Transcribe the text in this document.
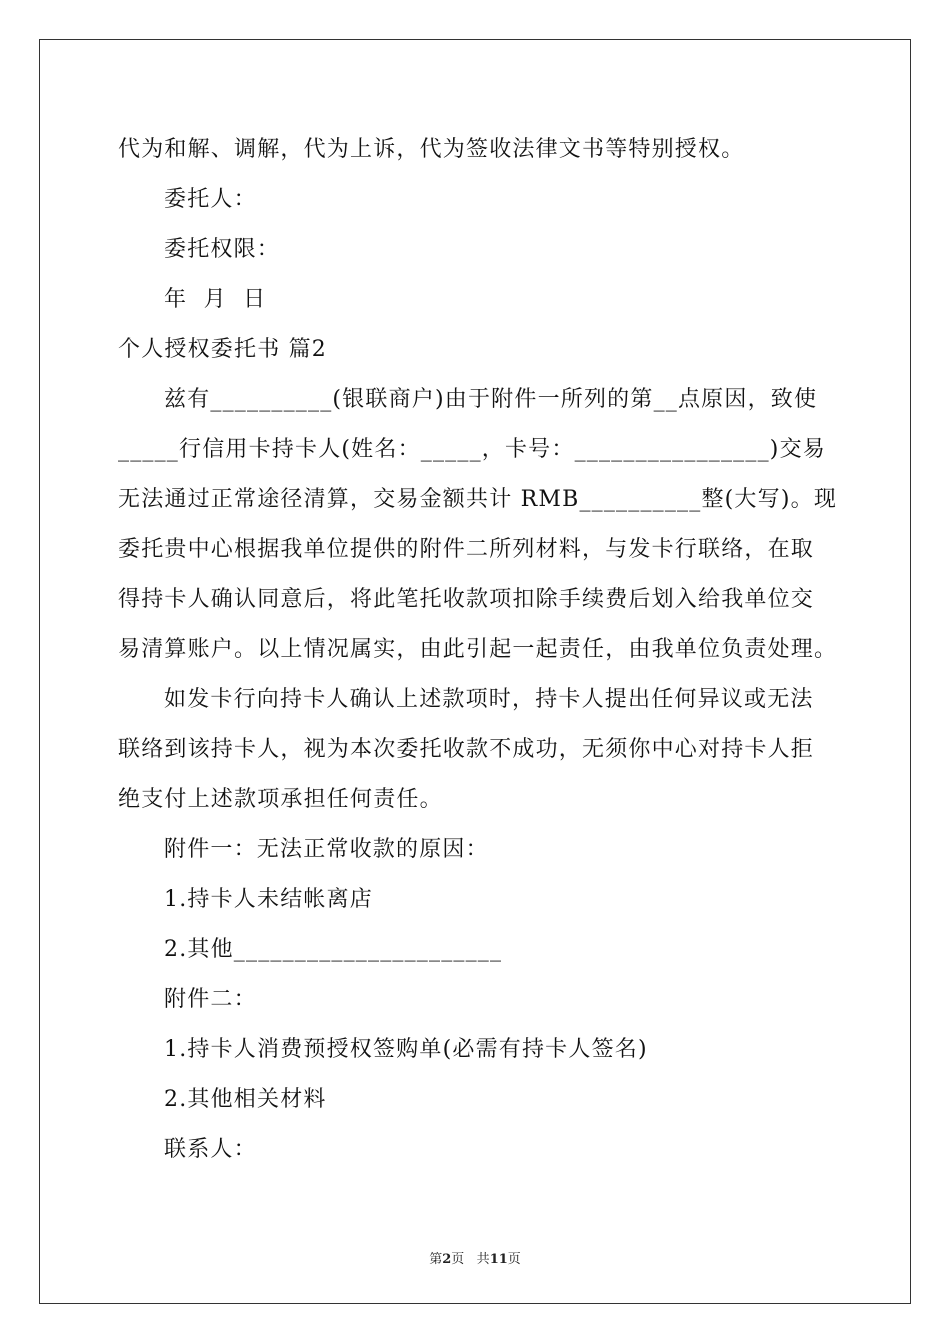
代为和解、调解，代为上诉，代为签收法律文书等特别授权。
委托人：
委托权限：
年  月  日
个人授权委托书 篇2
兹有__________(银联商户)由于附件一所列的第__点原因，致使
_____行信用卡持卡人(姓名：_____，卡号：________________)交易
无法通过正常途径清算，交易金额共计 RMB__________整(大写)。现
委托贵中心根据我单位提供的附件二所列材料，与发卡行联络，在取
得持卡人确认同意后，将此笔托收款项扣除手续费后划入给我单位交
易清算账户。以上情况属实，由此引起一起责任，由我单位负责处理。
如发卡行向持卡人确认上述款项时，持卡人提出任何异议或无法
联络到该持卡人，视为本次委托收款不成功，无须你中心对持卡人拒
绝支付上述款项承担任何责任。
附件一：无法正常收款的原因：
1.持卡人未结帐离店
2.其他______________________
附件二：
1.持卡人消费预授权签购单(必需有持卡人签名)
2.其他相关材料
联系人：
第2页 共11页
